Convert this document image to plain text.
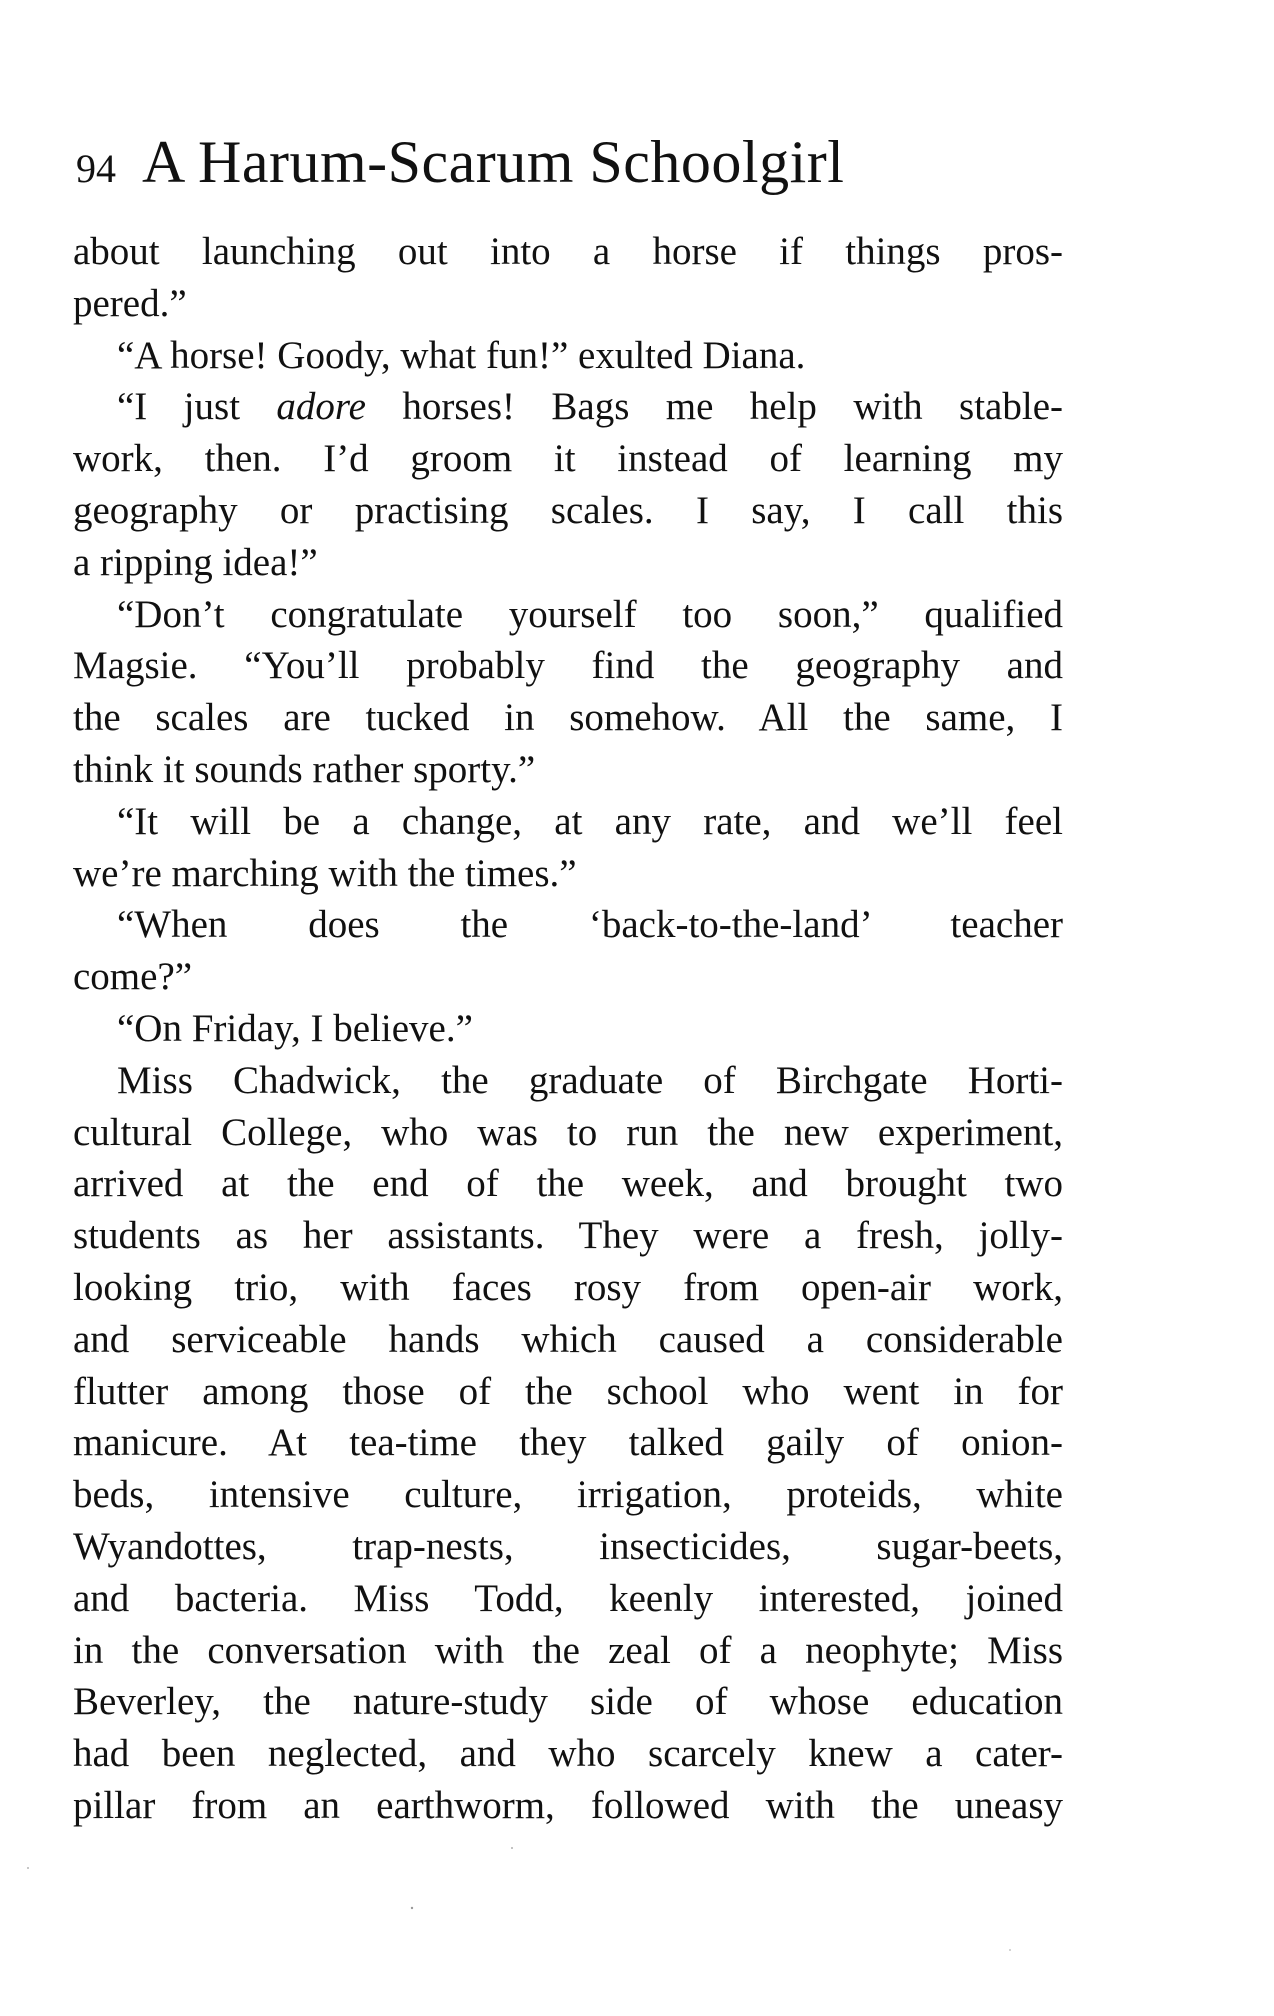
94 A Harum-Scarum Schoolgirl
about launching out into a horse if things pros-
pered.”
“A horse! Goody, what fun!” exulted Diana.
“I just adore horses! Bags me help with stable-
work, then. I’d groom it instead of learning my
geography or practising scales. I say, I call this
a ripping idea!”
“Don’t congratulate yourself too soon,” qualified
Magsie. “You’ll probably find the geography and
the scales are tucked in somehow. All the same, I
think it sounds rather sporty.”
“It will be a change, at any rate, and we’ll feel
we’re marching with the times.”
“When does the ‘back-to-the-land’ teacher
come?”
“On Friday, I believe.”
Miss Chadwick, the graduate of Birchgate Horti-
cultural College, who was to run the new experiment,
arrived at the end of the week, and brought two
students as her assistants. They were a fresh, jolly-
looking trio, with faces rosy from open-air work,
and serviceable hands which caused a considerable
flutter among those of the school who went in for
manicure. At tea-time they talked gaily of onion-
beds, intensive culture, irrigation, proteids, white
Wyandottes, trap-nests, insecticides, sugar-beets,
and bacteria. Miss Todd, keenly interested, joined
in the conversation with the zeal of a neophyte; Miss
Beverley, the nature-study side of whose education
had been neglected, and who scarcely knew a cater-
pillar from an earthworm, followed with the uneasy
